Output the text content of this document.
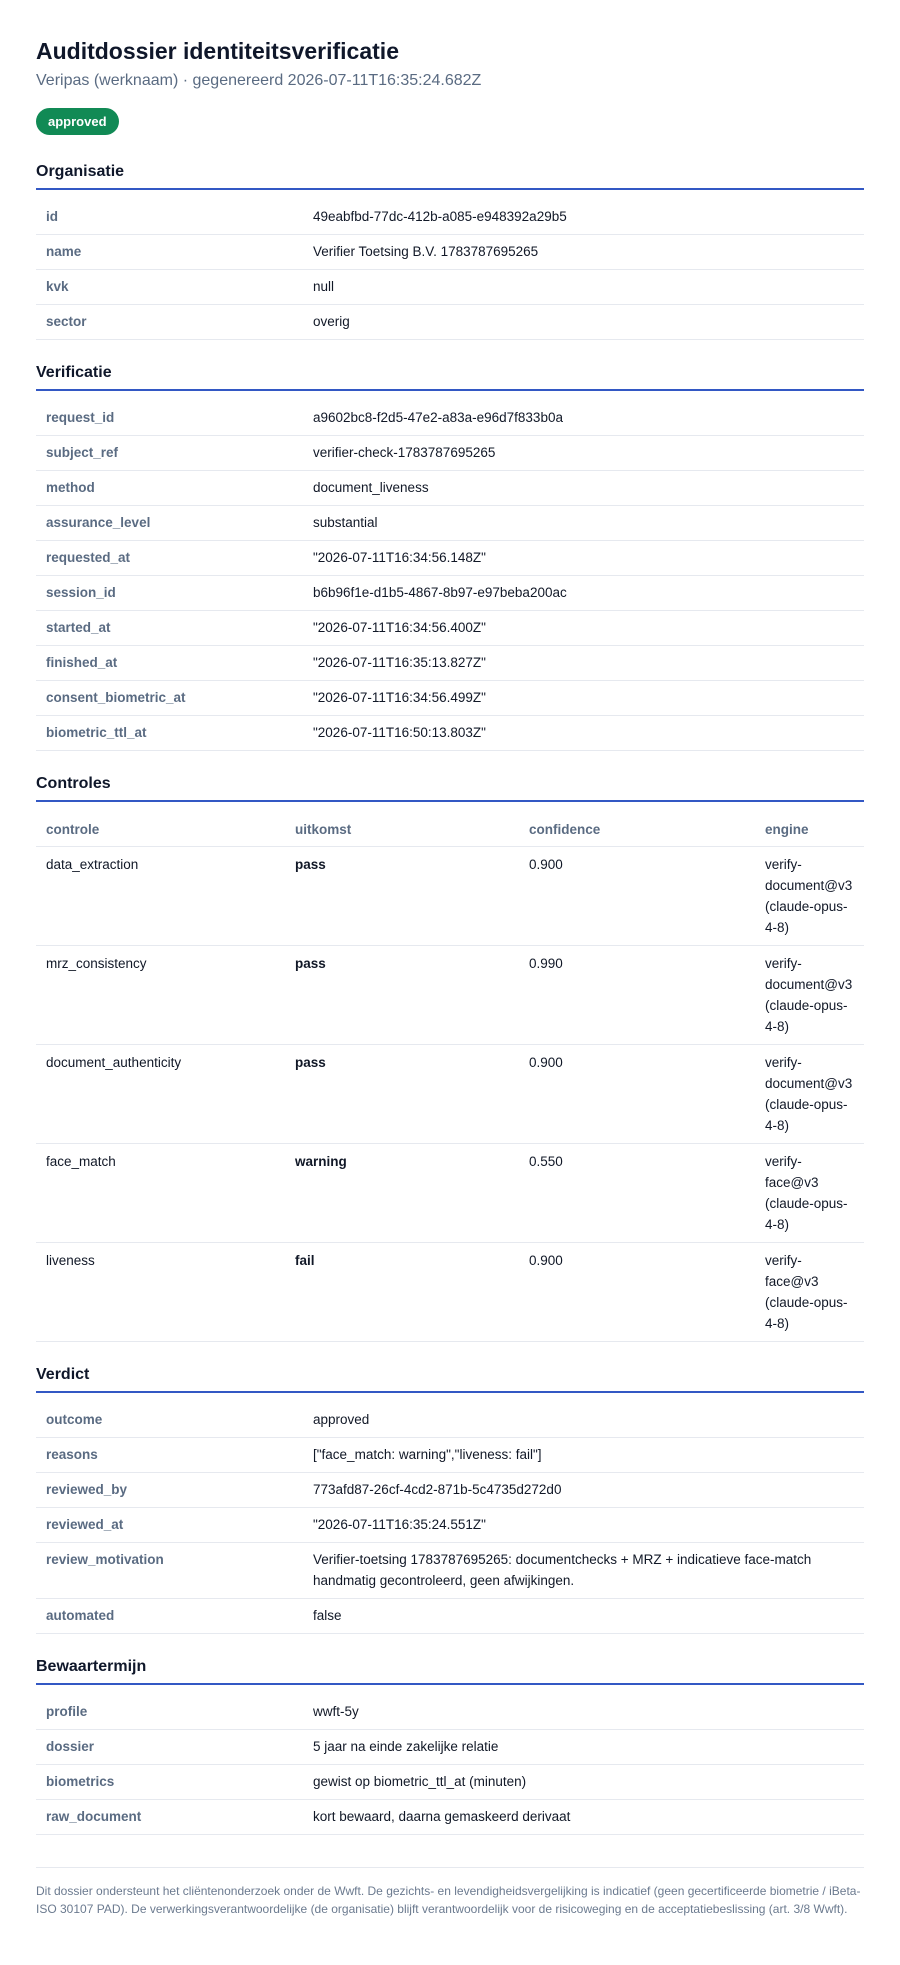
Auditdossier identiteitsverificatie
Veripas (werknaam) · gegenereerd 2026-07-11T16:35:24.682Z
approved
Organisatie
id	49eabfbd-77dc-412b-a085-e948392a29b5
name	Verifier Toetsing B.V. 1783787695265
kvk	null
sector	overig
Verificatie
request_id	a9602bc8-f2d5-47e2-a83a-e96d7f833b0a
subject_ref	verifier-check-1783787695265
method	document_liveness
assurance_level	substantial
requested_at	"2026-07-11T16:34:56.148Z"
session_id	b6b96f1e-d1b5-4867-8b97-e97beba200ac
started_at	"2026-07-11T16:34:56.400Z"
finished_at	"2026-07-11T16:35:13.827Z"
consent_biometric_at	"2026-07-11T16:34:56.499Z"
biometric_ttl_at	"2026-07-11T16:50:13.803Z"
Controles
controle	uitkomst	confidence	engine
data_extraction	pass	0.900	verify-document@v3 (claude-opus-4-8)
mrz_consistency	pass	0.990	verify-document@v3 (claude-opus-4-8)
document_authenticity	pass	0.900	verify-document@v3 (claude-opus-4-8)
face_match	warning	0.550	verify-face@v3 (claude-opus-4-8)
liveness	fail	0.900	verify-face@v3 (claude-opus-4-8)
Verdict
outcome	approved
reasons	["face_match: warning","liveness: fail"]
reviewed_by	773afd87-26cf-4cd2-871b-5c4735d272d0
reviewed_at	"2026-07-11T16:35:24.551Z"
review_motivation	Verifier-toetsing 1783787695265: documentchecks + MRZ + indicatieve face-match handmatig gecontroleerd, geen afwijkingen.
automated	false
Bewaartermijn
profile	wwft-5y
dossier	5 jaar na einde zakelijke relatie
biometrics	gewist op biometric_ttl_at (minuten)
raw_document	kort bewaard, daarna gemaskeerd derivaat
Dit dossier ondersteunt het cliëntenonderzoek onder de Wwft. De gezichts- en levendigheidsvergelijking is indicatief (geen gecertificeerde biometrie / iBeta-ISO 30107 PAD). De verwerkingsverantwoordelijke (de organisatie) blijft verantwoordelijk voor de risicoweging en de acceptatiebeslissing (art. 3/8 Wwft).
